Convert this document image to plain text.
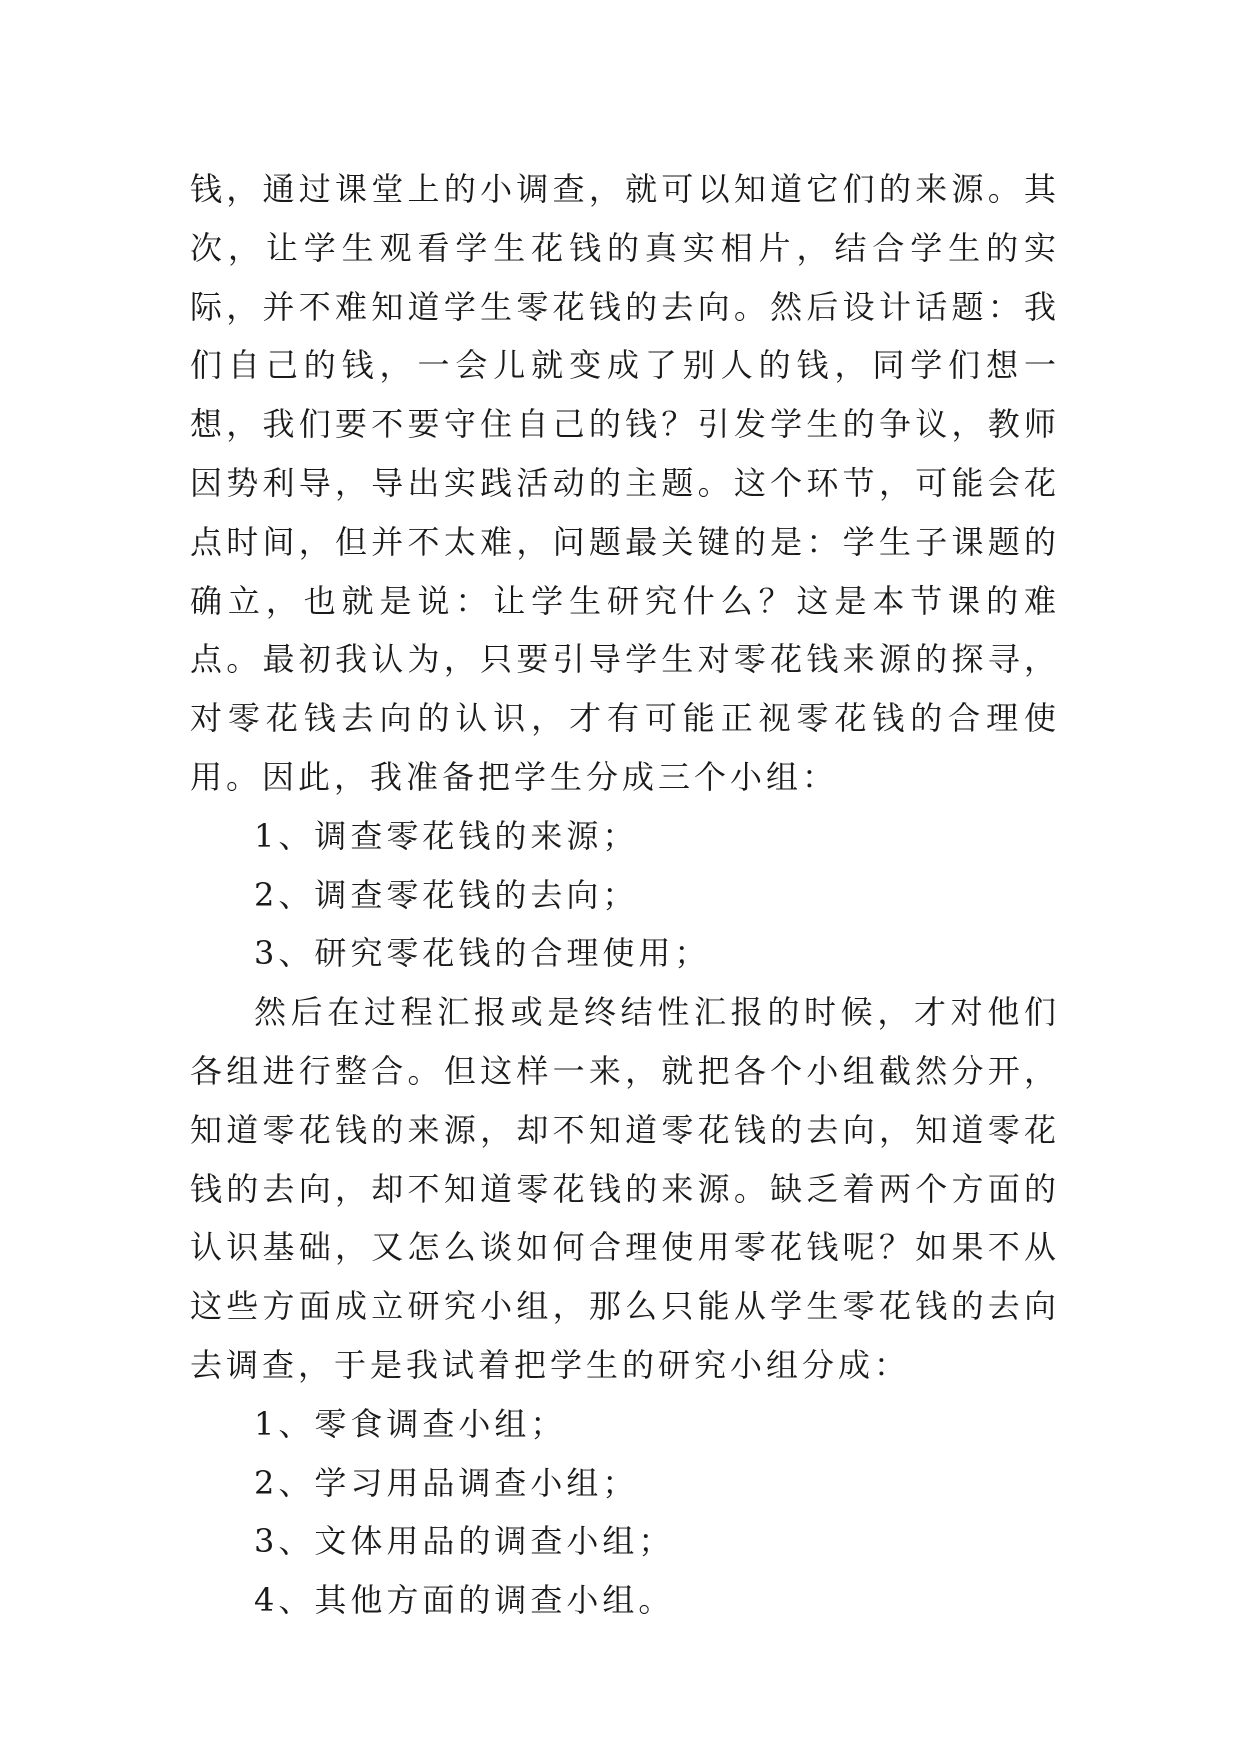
钱，通过课堂上的小调查，就可以知道它们的来源。其次，让学生观看学生花钱的真实相片，结合学生的实际，并不难知道学生零花钱的去向。然后设计话题：我们自己的钱，一会儿就变成了别人的钱，同学们想一想，我们要不要守住自己的钱？引发学生的争议，教师因势利导，导出实践活动的主题。这个环节，可能会花点时间，但并不太难，问题最关键的是：学生子课题的确立，也就是说：让学生研究什么？这是本节课的难点。最初我认为，只要引导学生对零花钱来源的探寻，对零花钱去向的认识，才有可能正视零花钱的合理使用。因此，我准备把学生分成三个小组：

1、调查零花钱的来源；

2、调查零花钱的去向；

3、研究零花钱的合理使用；

然后在过程汇报或是终结性汇报的时候，才对他们各组进行整合。但这样一来，就把各个小组截然分开，知道零花钱的来源，却不知道零花钱的去向，知道零花钱的去向，却不知道零花钱的来源。缺乏着两个方面的认识基础，又怎么谈如何合理使用零花钱呢？如果不从这些方面成立研究小组，那么只能从学生零花钱的去向去调查，于是我试着把学生的研究小组分成：

1、零食调查小组；

2、学习用品调查小组；

3、文体用品的调查小组；

4、其他方面的调查小组。
